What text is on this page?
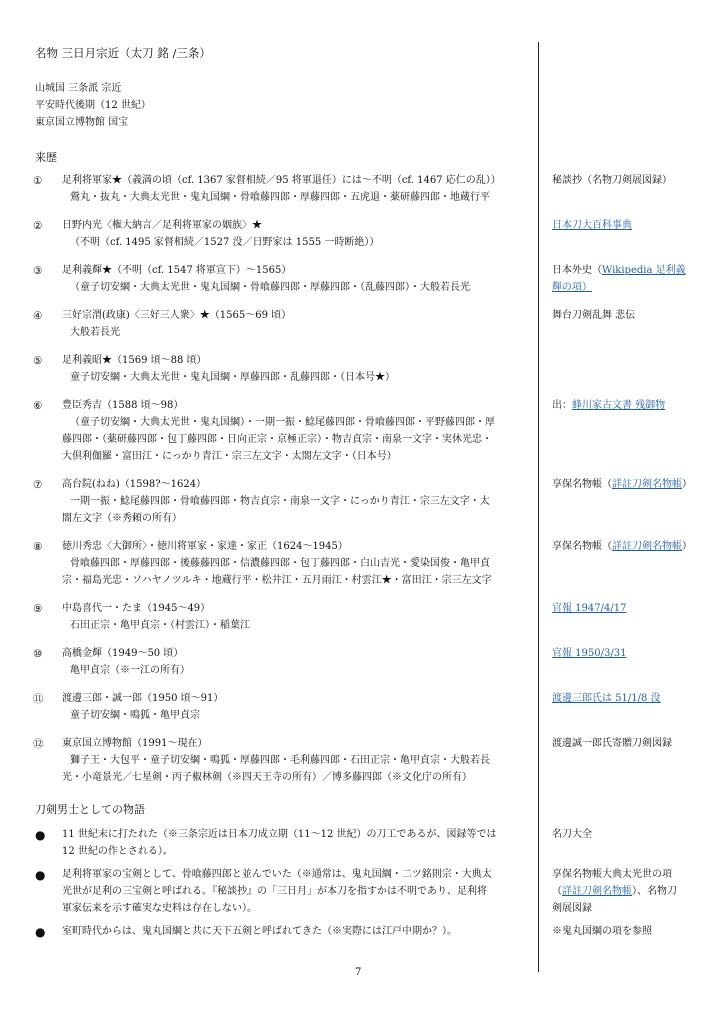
名物 三日月宗近（太刀 銘 /三条）
山城国 三条派 宗近
平安時代後期（12 世紀）
東京国立博物館 国宝
来歴
① 足利将軍家★（義満の頃（cf. 1367 家督相続／95 将軍退任）には～不明（cf. 1467 応仁の乱））
鶯丸・抜丸・大典太光世・鬼丸国綱・骨喰藤四郎・厚藤四郎・五虎退・薬研藤四郎・地蔵行平
秘談抄（名物刀剣展図録）
② 日野内光〈権大納言／足利将軍家の姻族〉★
（不明（cf. 1495 家督相続／1527 没／日野家は 1555 一時断絶））
日本刀大百科事典
③ 足利義輝★（不明（cf. 1547 将軍宣下）～1565）
（童子切安綱・大典太光世・鬼丸国綱・骨喰藤四郎・厚藤四郎・（乱藤四郎）・大般若長光
日本外史（Wikipedia 足利義
輝の項）
④ 三好宗渭(政康)〈三好三人衆〉★（1565～69 頃）
大般若長光
舞台刀剣乱舞 悲伝
⑤ 足利義昭★（1569 頃～88 頃）
童子切安綱・大典太光世・鬼丸国綱・厚藤四郎・乱藤四郎・（日本号★）
⑥ 豊臣秀吉（1588 頃～98）
（童子切安綱・大典太光世・鬼丸国綱）・一期一振・鯰尾藤四郎・骨喰藤四郎・平野藤四郎・厚
藤四郎・（薬研藤四郎・包丁藤四郎・日向正宗・京極正宗）・物吉貞宗・南泉一文字・実休光忠・
大倶利伽羅・富田江・にっかり青江・宗三左文字・太閤左文字・（日本号）
出：蜂川家古文書 残御物
⑦ 高台院(ねね)（1598?～1624）
一期一振・鯰尾藤四郎・骨喰藤四郎・物吉貞宗・南泉一文字・にっかり青江・宗三左文字・太
閤左文字（※秀頼の所有）
享保名物帳（詳註刀剣名物帳）
⑧ 徳川秀忠〈大御所〉・徳川将軍家・家達・家正（1624～1945）
骨喰藤四郎・厚藤四郎・後藤藤四郎・信濃藤四郎・包丁藤四郎・白山吉光・愛染国俊・亀甲貞
宗・福島光忠・ソハヤノツルキ・地蔵行平・松井江・五月雨江・村雲江★・富田江・宗三左文字
享保名物帳（詳註刀剣名物帳）
⑨ 中島喜代一・たま（1945～49）
石田正宗・亀甲貞宗・（村雲江）・稲葉江
官報 1947/4/17
⑩ 高橋金輝（1949～50 頃）
亀甲貞宗（※一江の所有）
官報 1950/3/31
⑪ 渡邊三郎・誠一郎（1950 頃～91）
童子切安綱・鳴狐・亀甲貞宗
渡邊三郎氏は 51/1/8 没
⑫ 東京国立博物館（1991～現在）
獅子王・大包平・童子切安綱・鳴狐・厚藤四郎・毛利藤四郎・石田正宗・亀甲貞宗・大般若長
光・小竜景光／七星剣・丙子椒林剣（※四天王寺の所有）／博多藤四郎（※文化庁の所有）
渡邊誠一郎氏寄贈刀剣図録
刀剣男士としての物語
● 11 世紀末に打たれた（※三条宗近は日本刀成立期（11～12 世紀）の刀工であるが、図録等では
12 世紀の作とされる）。
名刀大全
● 足利将軍家の宝剣として、骨喰藤四郎と並んでいた（※通常は、鬼丸国綱・二ツ銘則宗・大典太
光世が足利の三宝剣と呼ばれる。『秘談抄』の「三日月」が本刀を指すかは不明であり、足利将
軍家伝来を示す確実な史料は存在しない）。
享保名物帳大典太光世の項
（詳註刀剣名物帳）、名物刀
剣展図録
● 室町時代からは、鬼丸国綱と共に天下五剣と呼ばれてきた（※実際には江戸中期か？）。	※鬼丸国綱の項を参照
7
